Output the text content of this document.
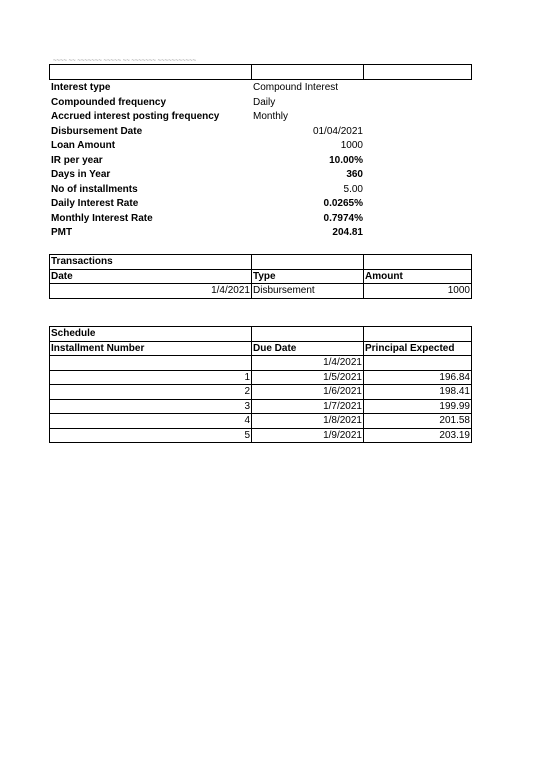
~~~~ ~~ ~~~~~~~ ~~~~~ ~~ ~~~~~~~ ~~~~~~~~~~~

Interest type	Compound Interest
Compounded frequency	Daily
Accrued interest posting frequency	Monthly
Disbursement Date	01/04/2021
Loan Amount	1000
IR per year	10.00%
Days in Year	360
No of installments	5.00
Daily Interest Rate	0.0265%
Monthly Interest Rate	0.7974%
PMT	204.81
Transactions		
Date	Type	Amount
1/4/2021	Disbursement	1000
Schedule		
Installment Number	Due Date	Principal Expected
	1/4/2021	
1	1/5/2021	196.84
2	1/6/2021	198.41
3	1/7/2021	199.99
4	1/8/2021	201.58
5	1/9/2021	203.19
